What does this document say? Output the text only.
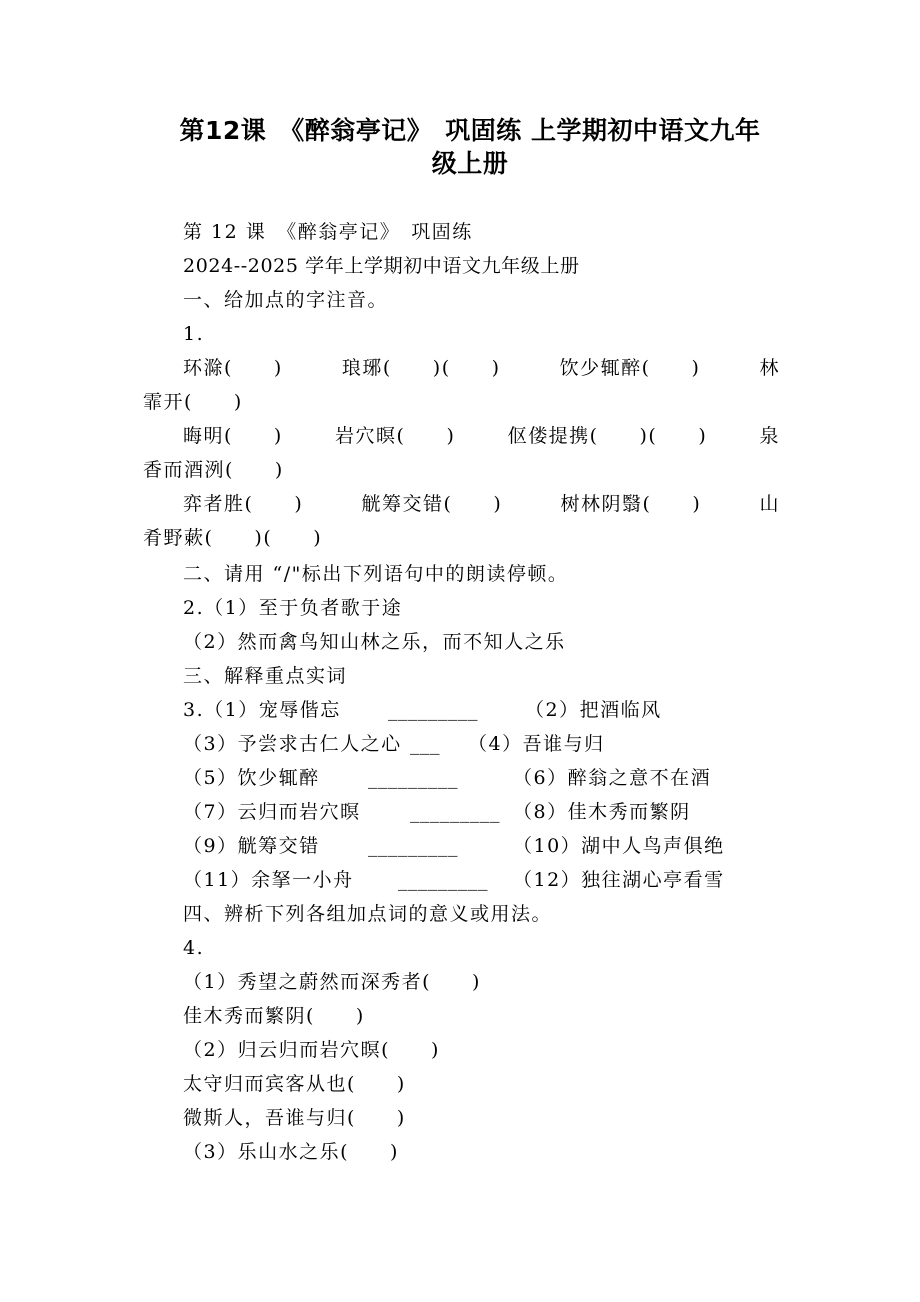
第12课　《醉翁亭记》　巩固练 上学期初中语文九年
级上册
第 12 课　《醉翁亭记》　巩固练
2024--2025 学年上学期初中语文九年级上册
一、给加点的字注音。
1.
环滁(　　)	琅琊(　　)(　　)	饮少辄醉(　　)	林
霏开(　　)
晦明(　　)	岩穴暝(　　)	伛偻提携(　　)(　　)	泉
香而酒洌(　　)
弈者胜(　　)	觥筹交错(　　)	树林阴翳(　　)	山
肴野蔌(　　)(　　)
二、请用 “/"标出下列语句中的朗读停顿。
2.（1）至于负者歌于途
（2）然而禽鸟知山林之乐，而不知人之乐
三、解释重点实词
3.（1）宠辱偕忘 _________ （2）把酒临风
（3）予尝求古仁人之心 ___ （4）吾谁与归
（5）饮少辄醉	_________	（6）醉翁之意不在酒
（7）云归而岩穴暝	_________ （8）佳木秀而繁阴
（9）觥筹交错	_________	（10）湖中人鸟声俱绝
（11）余拏一小舟 _________ （12）独往湖心亭看雪
四、辨析下列各组加点词的意义或用法。
4.
（1）秀望之蔚然而深秀者(　　)
佳木秀而繁阴(　　)
（2）归云归而岩穴暝(　　)
太守归而宾客从也(　　)
微斯人，吾谁与归(　　)
（3）乐山水之乐(　　)
